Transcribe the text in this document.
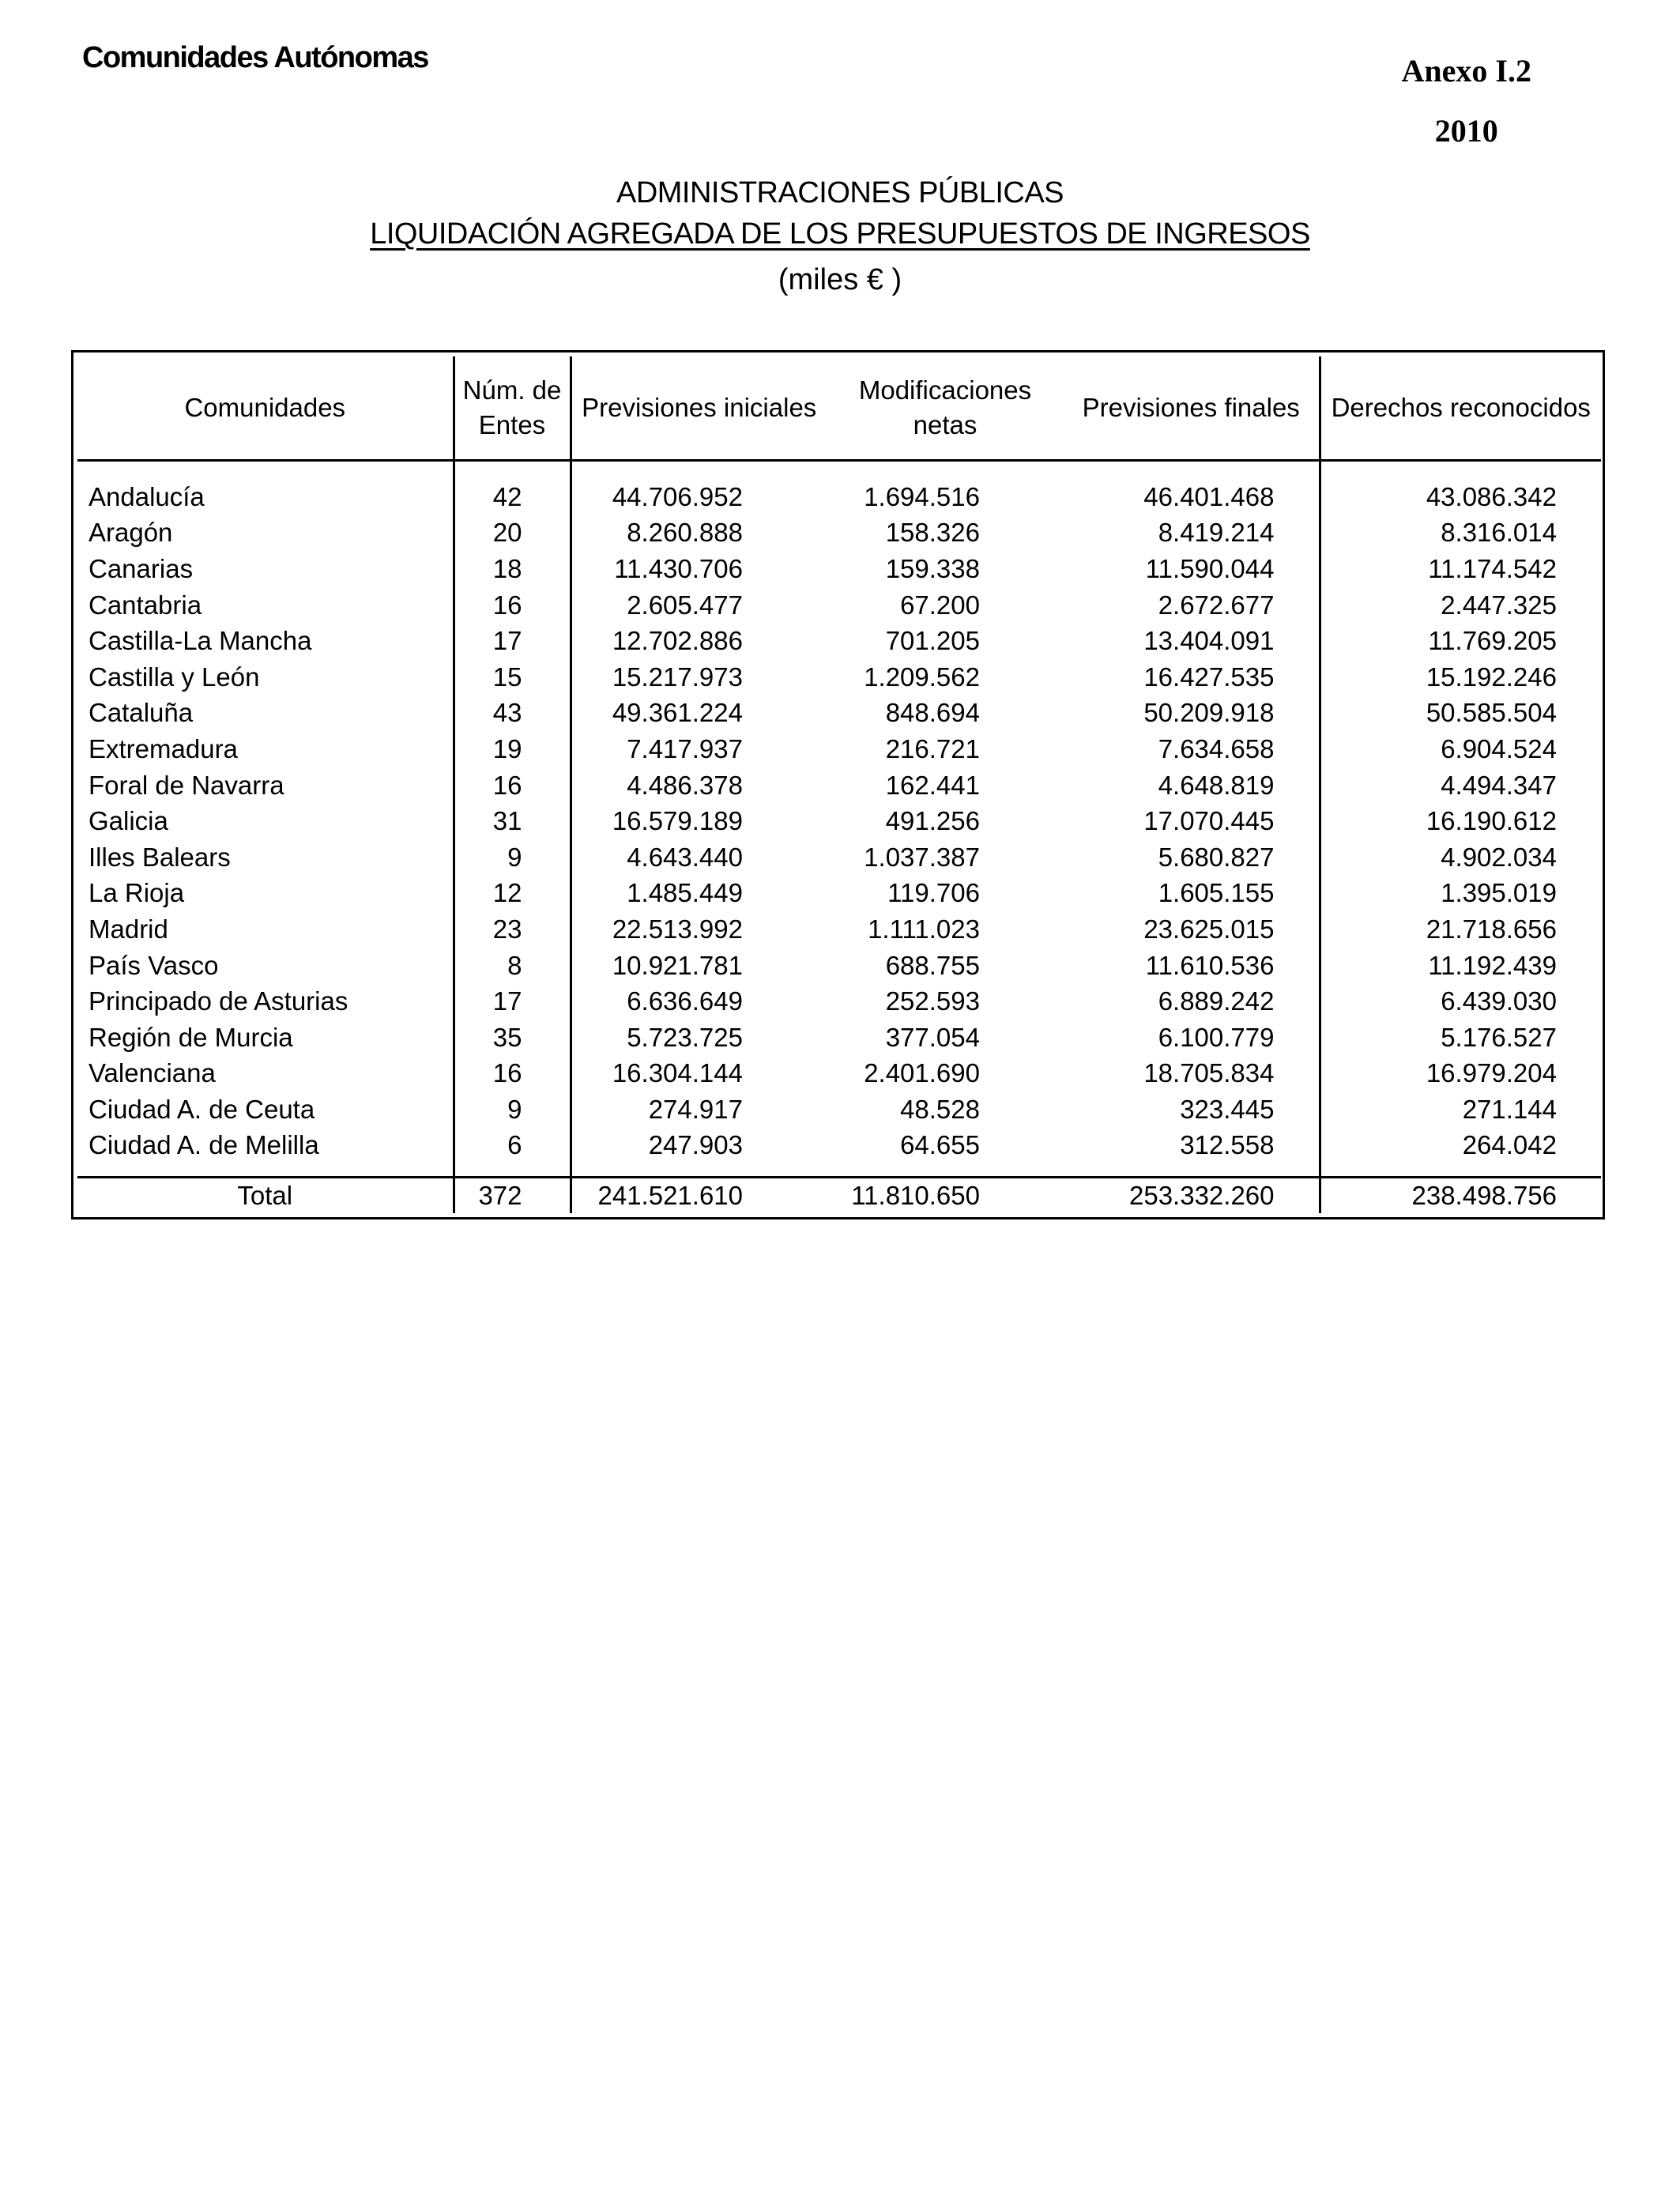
Comunidades Autónomas	Anexo I.2
2010
ADMINISTRACIONES PÚBLICAS
LIQUIDACIÓN AGREGADA DE LOS PRESUPUESTOS DE INGRESOS
(miles € )
Comunidades	Núm. de Entes	Previsiones iniciales	Modificaciones netas	Previsiones finales	Derechos reconocidos
Andalucía	42	44.706.952	1.694.516	46.401.468	43.086.342
Aragón	20	8.260.888	158.326	8.419.214	8.316.014
Canarias	18	11.430.706	159.338	11.590.044	11.174.542
Cantabria	16	2.605.477	67.200	2.672.677	2.447.325
Castilla-La Mancha	17	12.702.886	701.205	13.404.091	11.769.205
Castilla y León	15	15.217.973	1.209.562	16.427.535	15.192.246
Cataluña	43	49.361.224	848.694	50.209.918	50.585.504
Extremadura	19	7.417.937	216.721	7.634.658	6.904.524
Foral de Navarra	16	4.486.378	162.441	4.648.819	4.494.347
Galicia	31	16.579.189	491.256	17.070.445	16.190.612
Illes Balears	9	4.643.440	1.037.387	5.680.827	4.902.034
La Rioja	12	1.485.449	119.706	1.605.155	1.395.019
Madrid	23	22.513.992	1.111.023	23.625.015	21.718.656
País Vasco	8	10.921.781	688.755	11.610.536	11.192.439
Principado de Asturias	17	6.636.649	252.593	6.889.242	6.439.030
Región de Murcia	35	5.723.725	377.054	6.100.779	5.176.527
Valenciana	16	16.304.144	2.401.690	18.705.834	16.979.204
Ciudad A. de Ceuta	9	274.917	48.528	323.445	271.144
Ciudad A. de Melilla	6	247.903	64.655	312.558	264.042
Total	372	241.521.610	11.810.650	253.332.260	238.498.756
